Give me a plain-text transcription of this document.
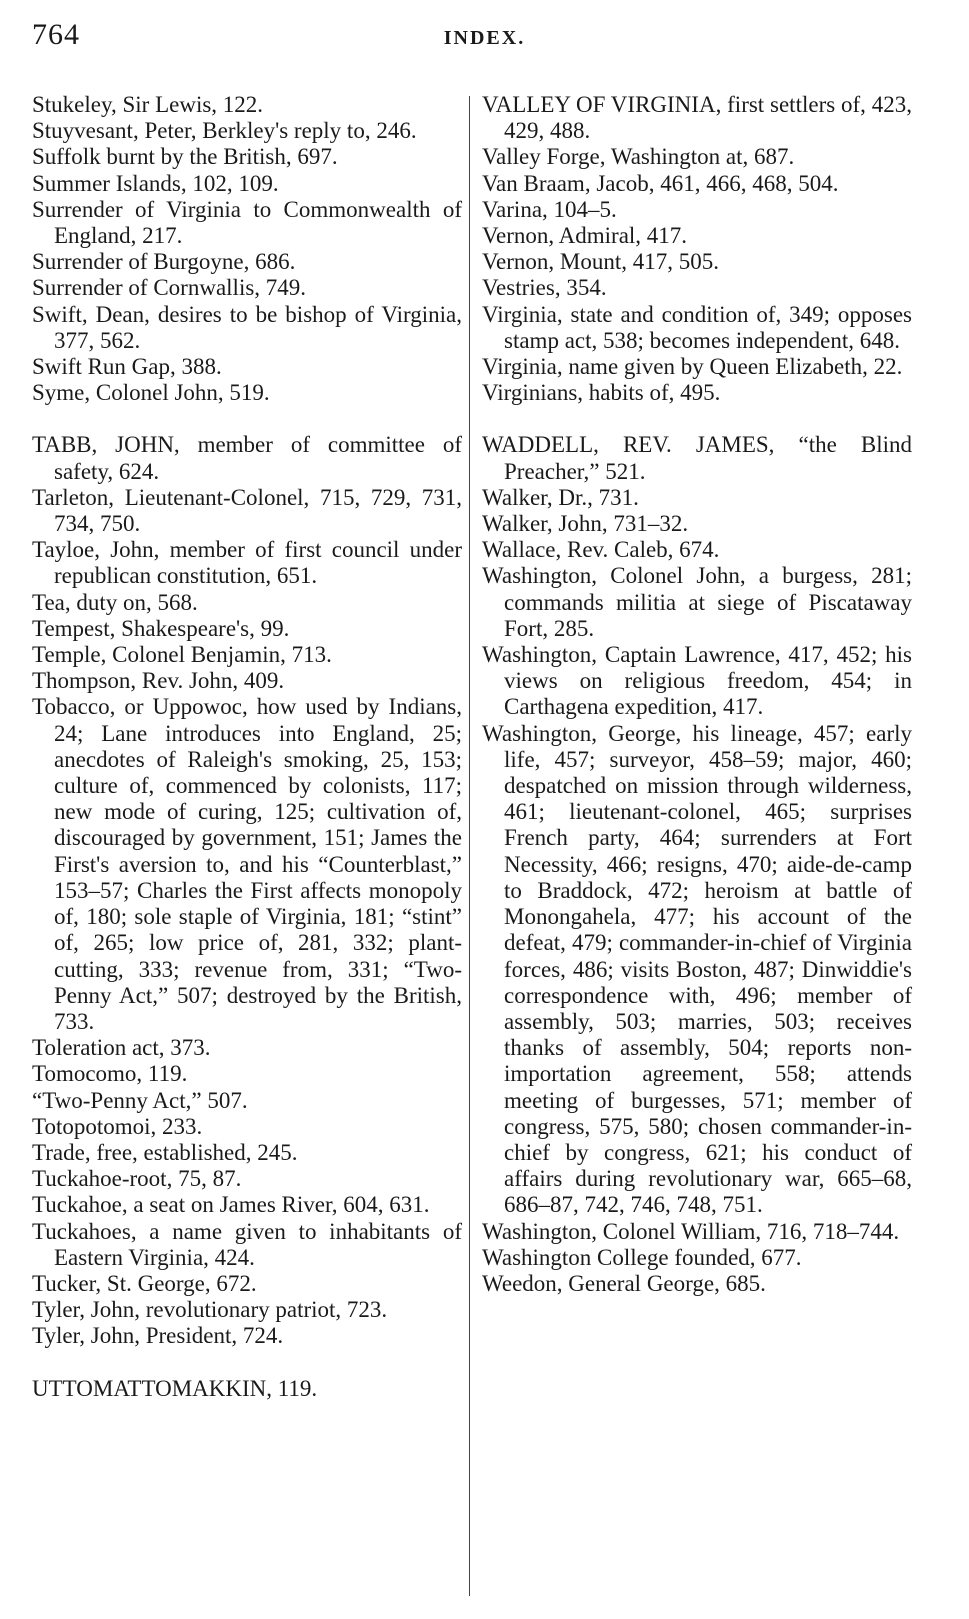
764	INDEX.
Stukeley, Sir Lewis, 122.
Stuyvesant, Peter, Berkley's reply to, 246.
Suffolk burnt by the British, 697.
Summer Islands, 102, 109.
Surrender of Virginia to Commonwealth of England, 217.
Surrender of Burgoyne, 686.
Surrender of Cornwallis, 749.
Swift, Dean, desires to be bishop of Virginia, 377, 562.
Swift Run Gap, 388.
Syme, Colonel John, 519.
TABB, JOHN, member of committee of safety, 624.
Tarleton, Lieutenant-Colonel, 715, 729, 731, 734, 750.
Tayloe, John, member of first council under republican constitution, 651.
Tea, duty on, 568.
Tempest, Shakespeare's, 99.
Temple, Colonel Benjamin, 713.
Thompson, Rev. John, 409.
Tobacco, or Uppowoc, how used by Indians, 24; Lane introduces into England, 25; anecdotes of Raleigh's smoking, 25, 153; culture of, commenced by colonists, 117; new mode of curing, 125; cultivation of, discouraged by government, 151; James the First's aversion to, and his “Counterblast,” 153–57; Charles the First affects monopoly of, 180; sole staple of Virginia, 181; “stint” of, 265; low price of, 281, 332; plant-cutting, 333; revenue from, 331; “Two-Penny Act,” 507; destroyed by the British, 733.
Toleration act, 373.
Tomocomo, 119.
“Two-Penny Act,” 507.
Totopotomoi, 233.
Trade, free, established, 245.
Tuckahoe-root, 75, 87.
Tuckahoe, a seat on James River, 604, 631.
Tuckahoes, a name given to inhabitants of Eastern Virginia, 424.
Tucker, St. George, 672.
Tyler, John, revolutionary patriot, 723.
Tyler, John, President, 724.
UTTOMATTOMAKKIN, 119.
VALLEY OF VIRGINIA, first settlers of, 423, 429, 488.
Valley Forge, Washington at, 687.
Van Braam, Jacob, 461, 466, 468, 504.
Varina, 104–5.
Vernon, Admiral, 417.
Vernon, Mount, 417, 505.
Vestries, 354.
Virginia, state and condition of, 349; opposes stamp act, 538; becomes independent, 648.
Virginia, name given by Queen Elizabeth, 22.
Virginians, habits of, 495.
WADDELL, REV. JAMES, “the Blind Preacher,” 521.
Walker, Dr., 731.
Walker, John, 731–32.
Wallace, Rev. Caleb, 674.
Washington, Colonel John, a burgess, 281; commands militia at siege of Piscataway Fort, 285.
Washington, Captain Lawrence, 417, 452; his views on religious freedom, 454; in Carthagena expedition, 417.
Washington, George, his lineage, 457; early life, 457; surveyor, 458–59; major, 460; despatched on mission through wilderness, 461; lieutenant-colonel, 465; surprises French party, 464; surrenders at Fort Necessity, 466; resigns, 470; aide-de-camp to Braddock, 472; heroism at battle of Monongahela, 477; his account of the defeat, 479; commander-in-chief of Virginia forces, 486; visits Boston, 487; Dinwiddie's correspondence with, 496; member of assembly, 503; marries, 503; receives thanks of assembly, 504; reports non-importation agreement, 558; attends meeting of burgesses, 571; member of congress, 575, 580; chosen commander-in-chief by congress, 621; his conduct of affairs during revolutionary war, 665–68, 686–87, 742, 746, 748, 751.
Washington, Colonel William, 716, 718–744.
Washington College founded, 677.
Weedon, General George, 685.
